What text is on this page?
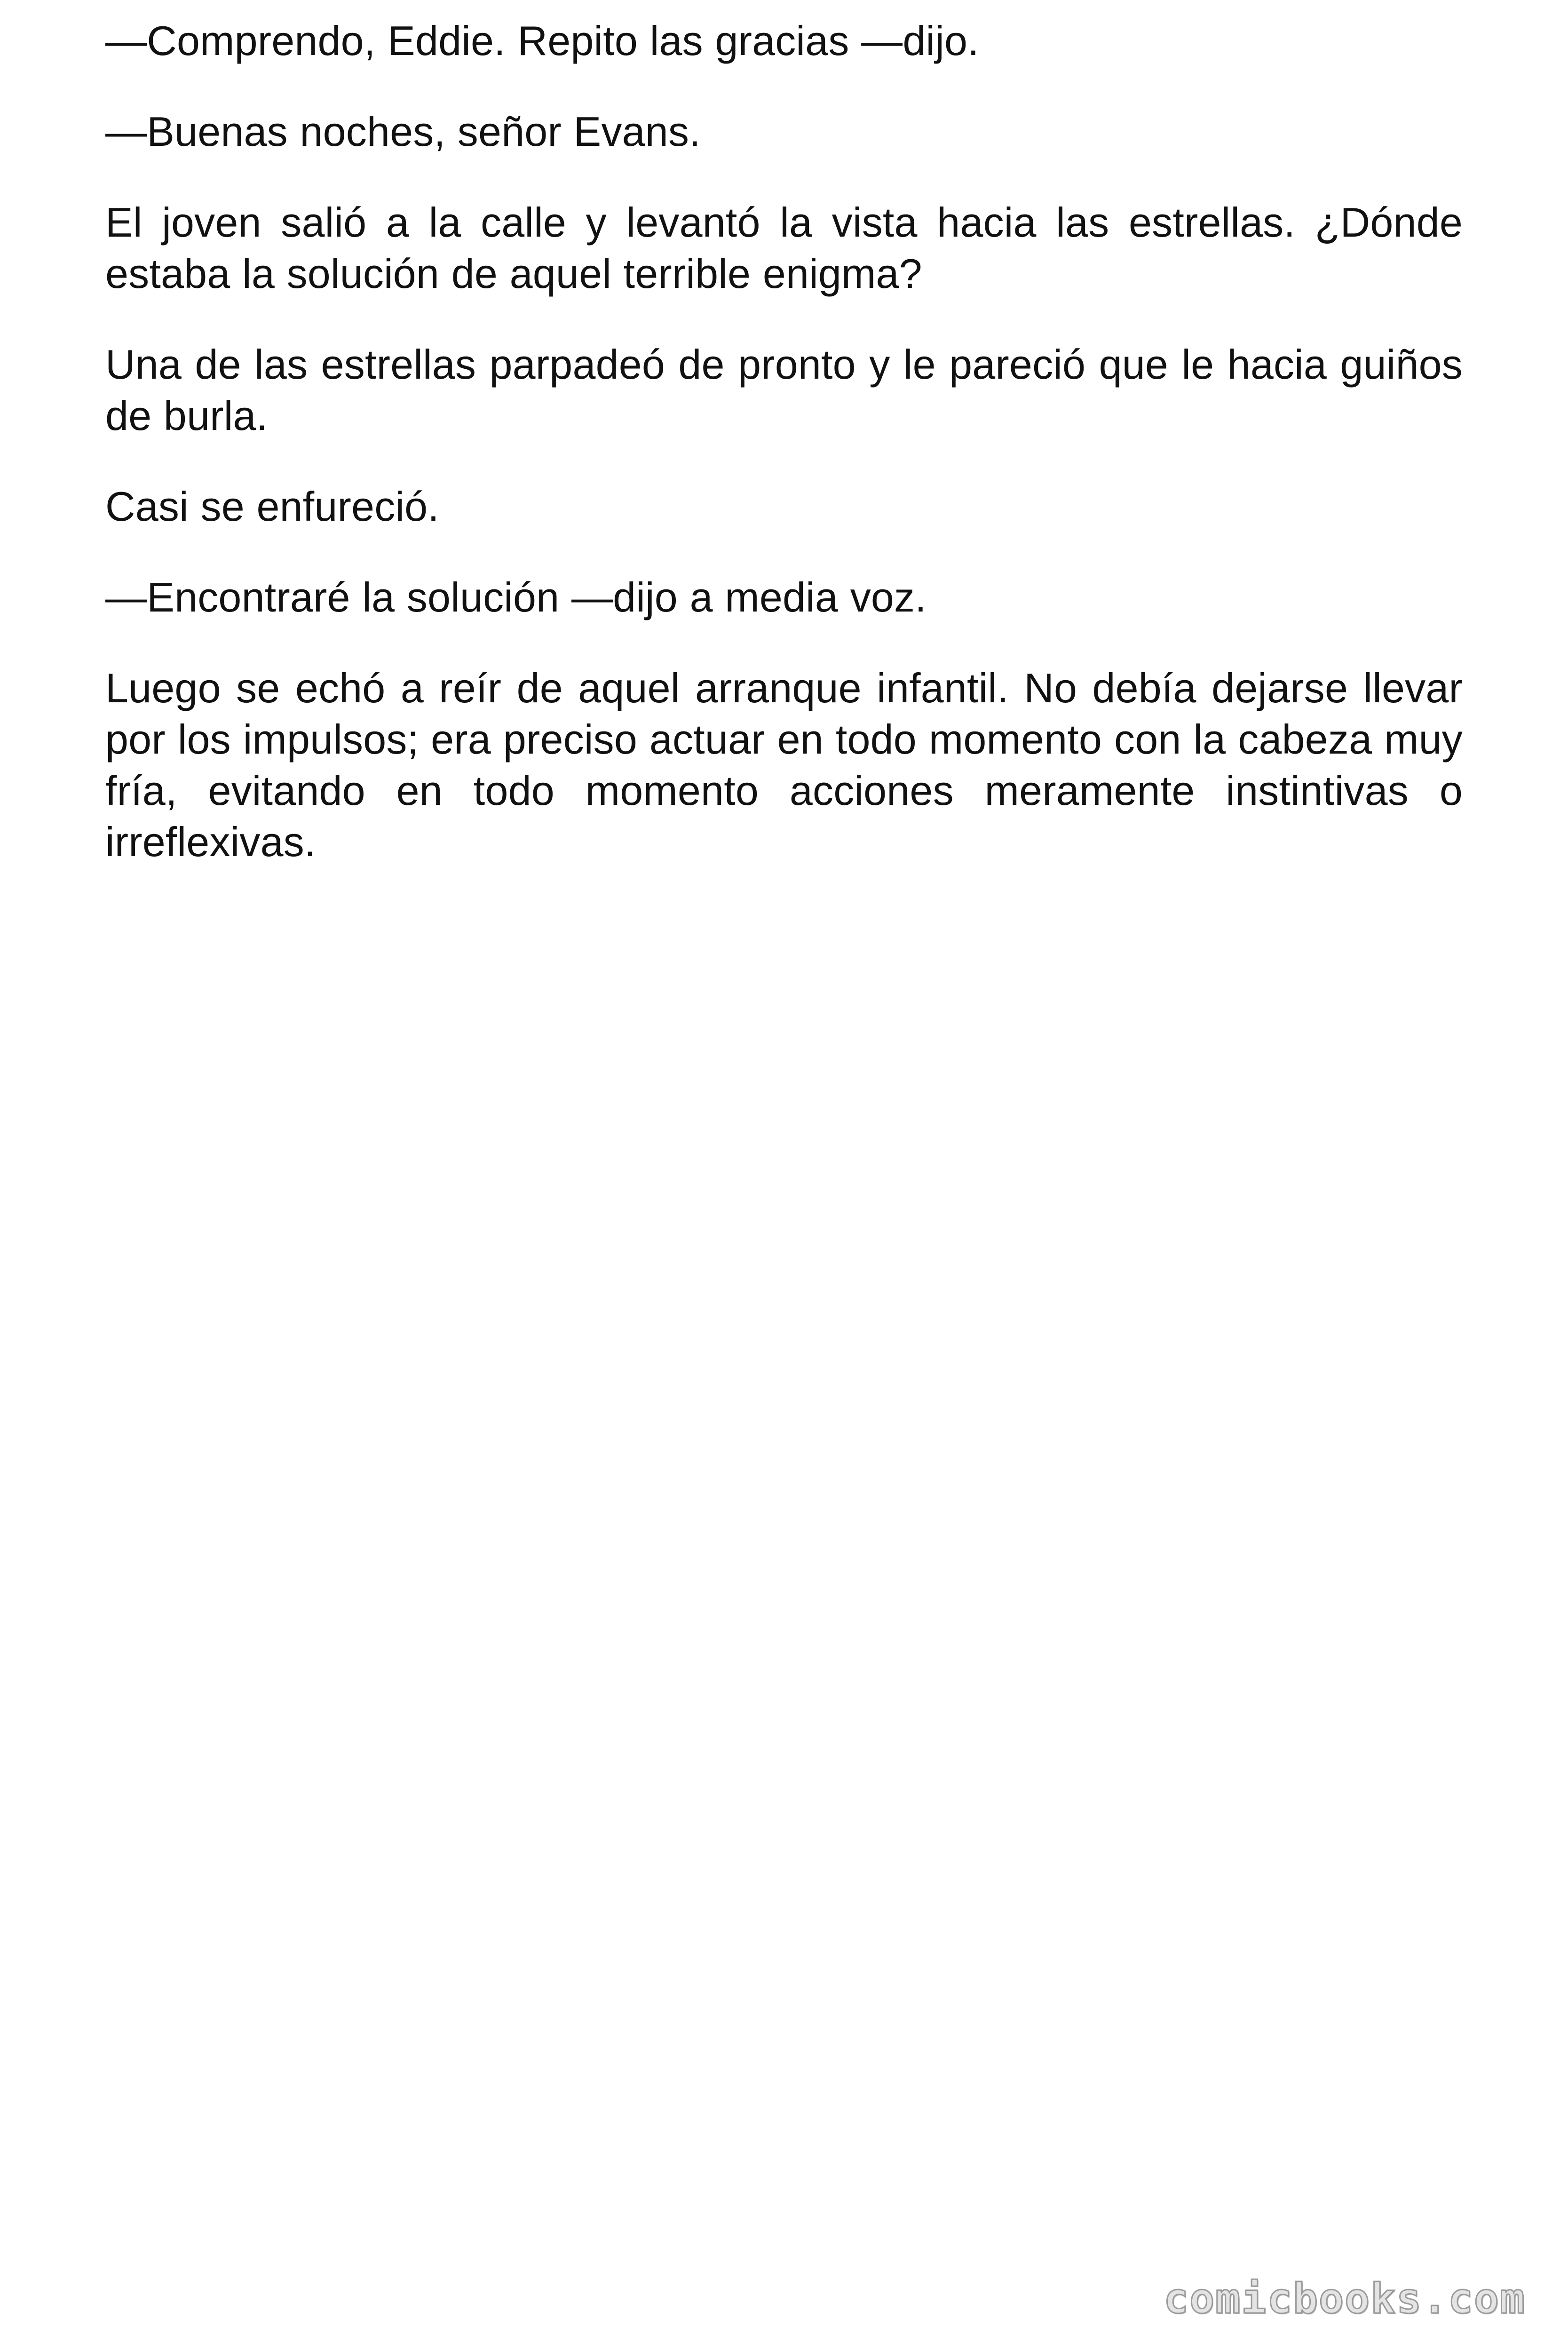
—Comprendo, Eddie. Repito las gracias —dijo.

—Buenas noches, señor Evans.

El joven salió a la calle y levantó la vista hacia las estrellas. ¿Dónde estaba la solución de aquel terrible enigma?

Una de las estrellas parpadeó de pronto y le pareció que le hacia guiños de burla.

Casi se enfureció.

—Encontraré la solución —dijo a media voz.

Luego se echó a reír de aquel arranque infantil. No debía dejarse llevar por los impulsos; era preciso actuar en todo momento con la cabeza muy fría, evitando en todo momento acciones meramente instintivas o irreflexivas.

comicbooks.com
